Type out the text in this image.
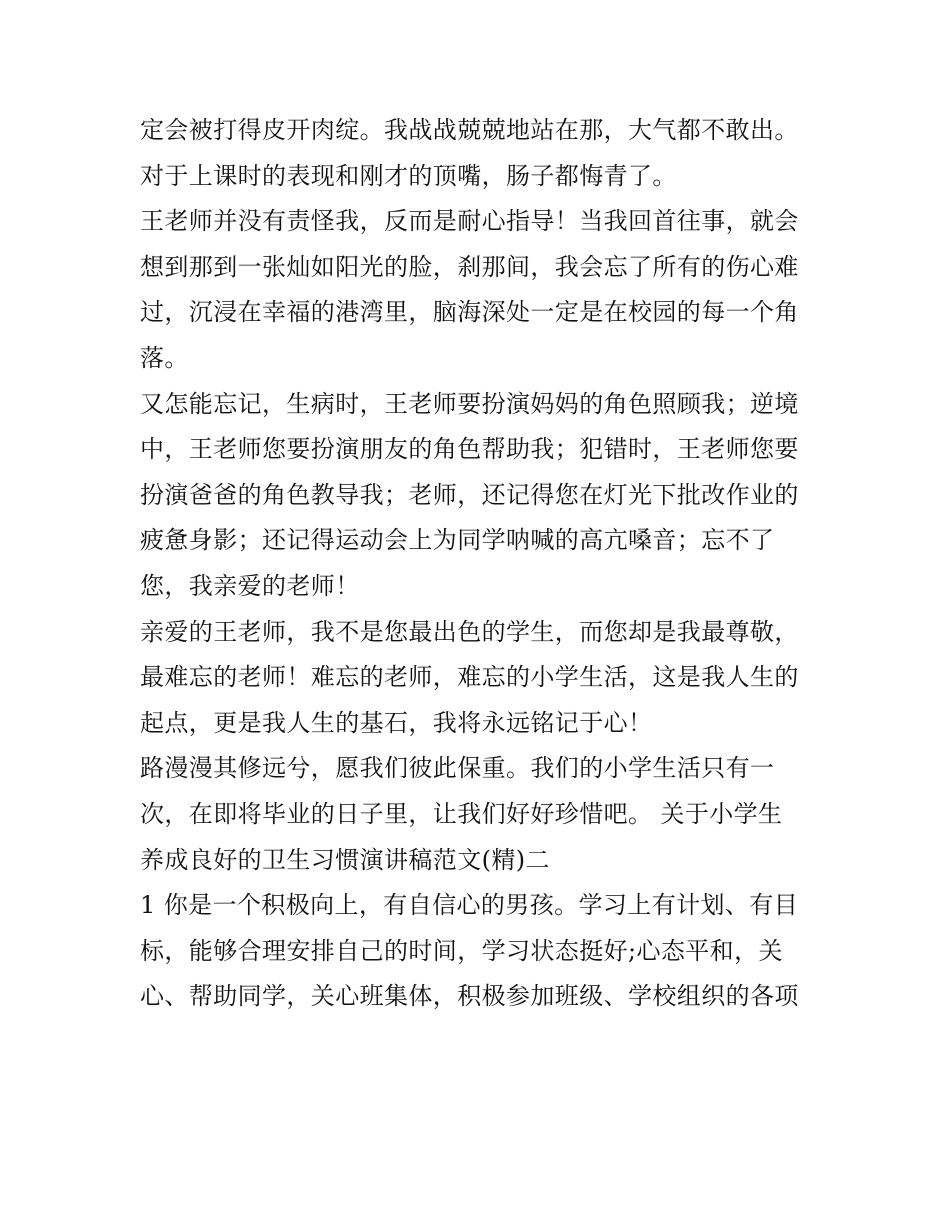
定会被打得皮开肉绽。我战战兢兢地站在那，大气都不敢出。
对于上课时的表现和刚才的顶嘴，肠子都悔青了。
王老师并没有责怪我，反而是耐心指导！当我回首往事，就会
想到那到一张灿如阳光的脸，刹那间，我会忘了所有的伤心难
过，沉浸在幸福的港湾里，脑海深处一定是在校园的每一个角
落。
又怎能忘记，生病时，王老师要扮演妈妈的角色照顾我；逆境
中，王老师您要扮演朋友的角色帮助我；犯错时，王老师您要
扮演爸爸的角色教导我；老师，还记得您在灯光下批改作业的
疲惫身影；还记得运动会上为同学呐喊的高亢嗓音；忘不了
您，我亲爱的老师！
亲爱的王老师，我不是您最出色的学生，而您却是我最尊敬，
最难忘的老师！难忘的老师，难忘的小学生活，这是我人生的
起点，更是我人生的基石，我将永远铭记于心！
路漫漫其修远兮，愿我们彼此保重。我们的小学生活只有一
次，在即将毕业的日子里，让我们好好珍惜吧。 关于小学生
养成良好的卫生习惯演讲稿范文(精)二
1 你是一个积极向上，有自信心的男孩。学习上有计划、有目
标，能够合理安排自己的时间，学习状态挺好;心态平和，关
心、帮助同学，关心班集体，积极参加班级、学校组织的各项
